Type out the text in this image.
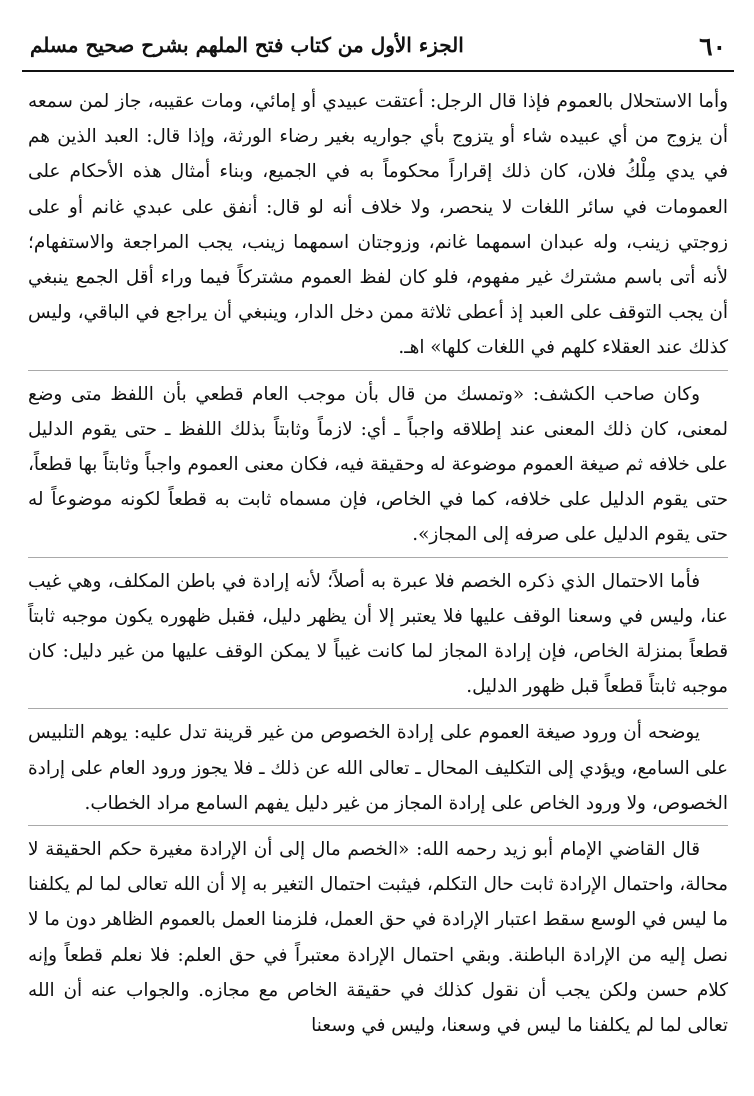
٦٠
الجزء الأول من كتاب فتح الملهم بشرح صحيح مسلم

وأما الاستحلال بالعموم فإذا قال الرجل: أعتقت عبيدي أو إمائي، ومات عقيبه، جاز لمن سمعه أن يزوج من أي عبيده شاء أو يتزوج بأي جواريه بغير رضاء الورثة، وإذا قال: العبد الذين هم في يدي مِلْكُ فلان، كان ذلك إقراراً محكوماً به في الجميع، وبناء أمثال هذه الأحكام على العمومات في سائر اللغات لا ينحصر، ولا خلاف أنه لو قال: أنفق على عبدي غانم أو على زوجتي زينب، وله عبدان اسمهما غانم، وزوجتان اسمهما زينب، يجب المراجعة والاستفهام؛ لأنه أتى باسم مشترك غير مفهوم، فلو كان لفظ العموم مشتركاً فيما وراء أقل الجمع ينبغي أن يجب التوقف على العبد إذ أعطى ثلاثة ممن دخل الدار، وينبغي أن يراجع في الباقي، وليس كذلك عند العقلاء كلهم في اللغات كلها» اهـ.

وكان صاحب الكشف: «وتمسك من قال بأن موجب العام قطعي بأن اللفظ متى وضع لمعنى، كان ذلك المعنى عند إطلاقه واجباً ـ أي: لازماً وثابتاً بذلك اللفظ ـ حتى يقوم الدليل على خلافه ثم صيغة العموم موضوعة له وحقيقة فيه، فكان معنى العموم واجباً وثابتاً بها قطعاً، حتى يقوم الدليل على خلافه، كما في الخاص، فإن مسماه ثابت به قطعاً لكونه موضوعاً له حتى يقوم الدليل على صرفه إلى المجاز».

فأما الاحتمال الذي ذكره الخصم فلا عبرة به أصلاً؛ لأنه إرادة في باطن المكلف، وهي غيب عنا، وليس في وسعنا الوقف عليها فلا يعتبر إلا أن يظهر دليل، فقبل ظهوره يكون موجبه ثابتاً قطعاً بمنزلة الخاص، فإن إرادة المجاز لما كانت غيباً لا يمكن الوقف عليها من غير دليل: كان موجبه ثابتاً قطعاً قبل ظهور الدليل.

يوضحه أن ورود صيغة العموم على إرادة الخصوص من غير قرينة تدل عليه: يوهم التلبيس على السامع، ويؤدي إلى التكليف المحال ـ تعالى الله عن ذلك ـ فلا يجوز ورود العام على إرادة الخصوص، ولا ورود الخاص على إرادة المجاز من غير دليل يفهم السامع مراد الخطاب.

قال القاضي الإمام أبو زيد رحمه الله: «الخصم مال إلى أن الإرادة مغيرة حكم الحقيقة لا محالة، واحتمال الإرادة ثابت حال التكلم، فيثبت احتمال التغير به إلا أن الله تعالى لما لم يكلفنا ما ليس في الوسع سقط اعتبار الإرادة في حق العمل، فلزمنا العمل بالعموم الظاهر دون ما لا نصل إليه من الإرادة الباطنة. وبقي احتمال الإرادة معتبراً في حق العلم: فلا نعلم قطعاً وإنه كلام حسن ولكن يجب أن نقول كذلك في حقيقة الخاص مع مجازه. والجواب عنه أن الله تعالى لما لم يكلفنا ما ليس في وسعنا، وليس في وسعنا
